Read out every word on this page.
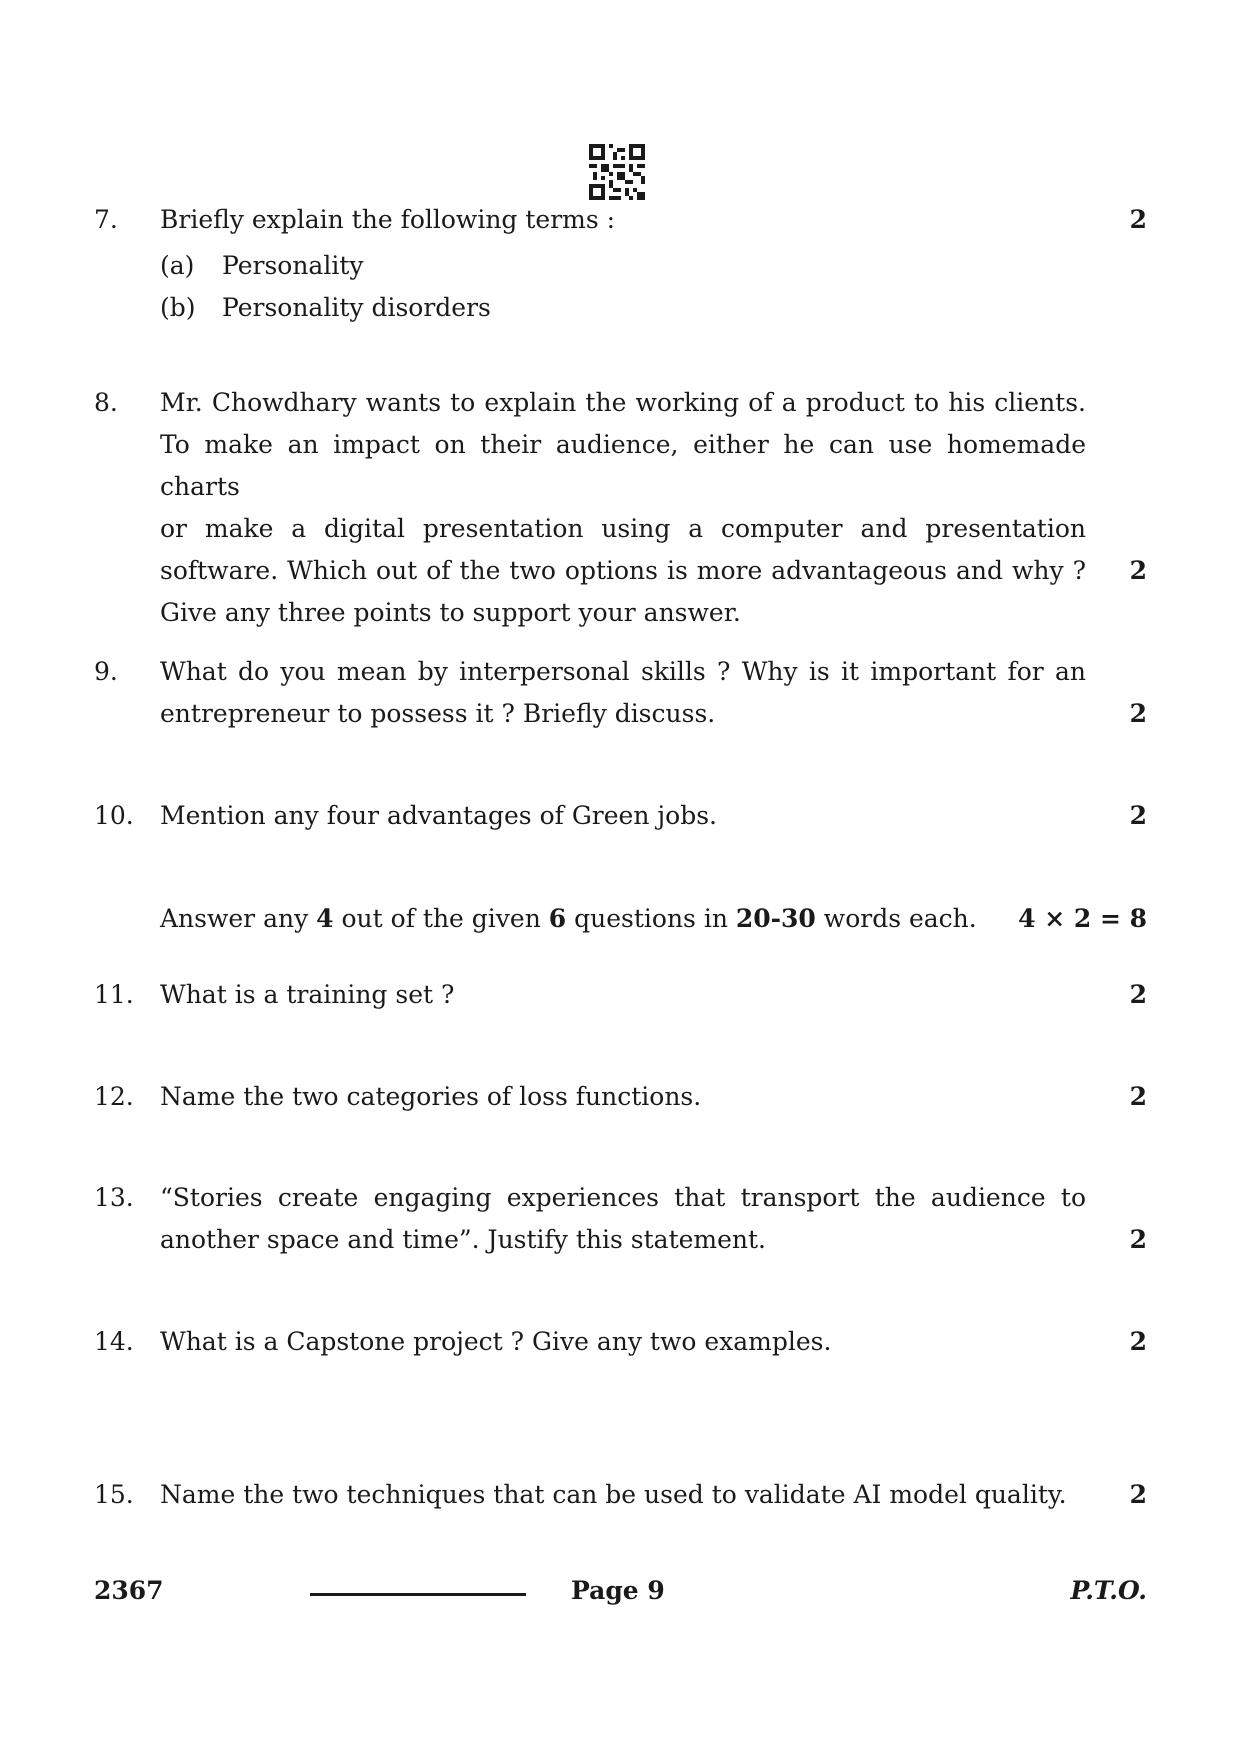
7. Briefly explain the following terms :
(a) Personality
(b) Personality disorders
2
8. Mr. Chowdhary wants to explain the working of a product to his clients.
To make an impact on their audience, either he can use homemade charts
or make a digital presentation using a computer and presentation
software. Which out of the two options is more advantageous and why ?
Give any three points to support your answer.
2
9. What do you mean by interpersonal skills ? Why is it important for an
entrepreneur to possess it ? Briefly discuss.	2
10. Mention any four advantages of Green jobs.	2
Answer any 4 out of the given 6 questions in 20-30 words each. 4 × 2 = 8
11. What is a training set ?	2
12. Name the two categories of loss functions.	2
13. “Stories create engaging experiences that transport the audience to
another space and time”. Justify this statement.	2
14. What is a Capstone project ? Give any two examples.	2
15. Name the two techniques that can be used to validate AI model quality.	2
2367	Page 9	P.T.O.
